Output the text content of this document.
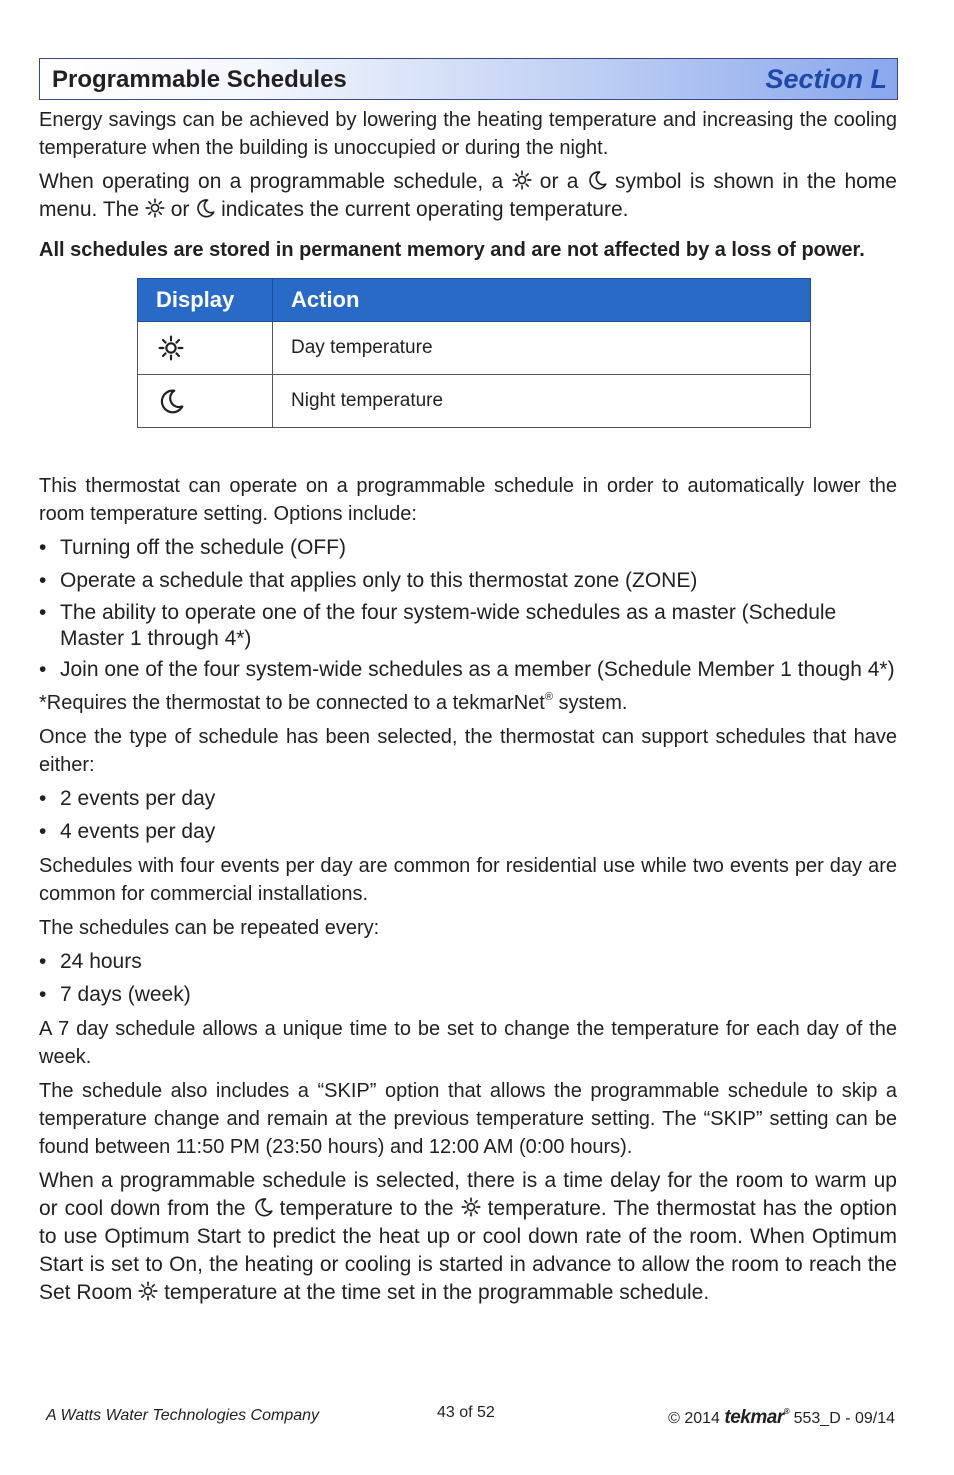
Programmable Schedules	Section L

Energy savings can be achieved by lowering the heating temperature and increasing the cooling temperature when the building is unoccupied or during the night.

When operating on a programmable schedule, a or a symbol is shown in the home menu. The or indicates the current operating temperature.

All schedules are stored in permanent memory and are not affected by a loss of power.

Display	Action
	Day temperature
	Night temperature

This thermostat can operate on a programmable schedule in order to automatically lower the room temperature setting. Options include:

• Turning off the schedule (OFF)
• Operate a schedule that applies only to this thermostat zone (ZONE)
• The ability to operate one of the four system-wide schedules as a master (Schedule Master 1 through 4*)
• Join one of the four system-wide schedules as a member (Schedule Member 1 though 4*)

*Requires the thermostat to be connected to a tekmarNet® system.

Once the type of schedule has been selected, the thermostat can support schedules that have either:

• 2 events per day
• 4 events per day

Schedules with four events per day are common for residential use while two events per day are common for commercial installations.

The schedules can be repeated every:

• 24 hours
• 7 days (week)

A 7 day schedule allows a unique time to be set to change the temperature for each day of the week.

The schedule also includes a “SKIP” option that allows the programmable schedule to skip a temperature change and remain at the previous temperature setting. The “SKIP” setting can be found between 11:50 PM (23:50 hours) and 12:00 AM (0:00 hours).

When a programmable schedule is selected, there is a time delay for the room to warm up or cool down from the temperature to the temperature. The thermostat has the option to use Optimum Start to predict the heat up or cool down rate of the room. When Optimum Start is set to On, the heating or cooling is started in advance to allow the room to reach the Set Room temperature at the time set in the programmable schedule.

A Watts Water Technologies Company	43 of 52	© 2014 tekmar® 553_D - 09/14
